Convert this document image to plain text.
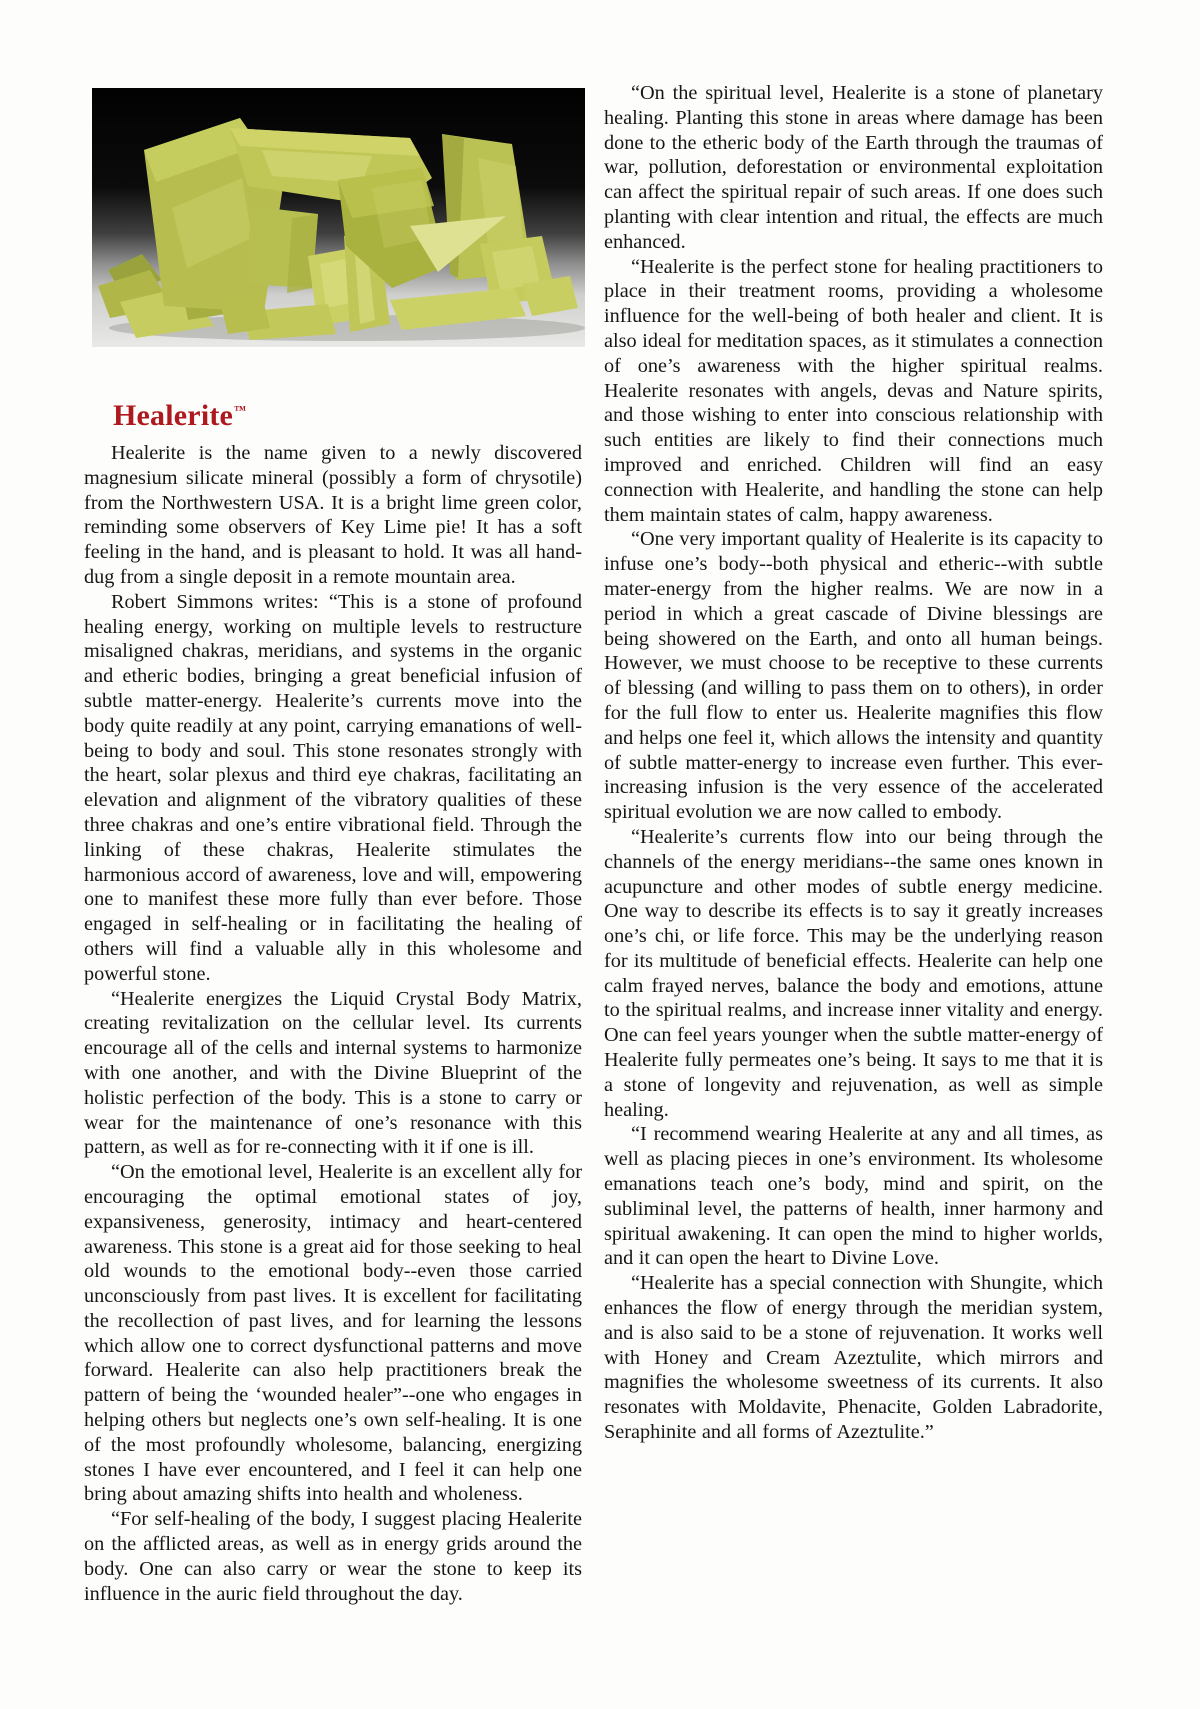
Healerite™

Healerite is the name given to a newly discovered magnesium silicate mineral (possibly a form of chrysotile) from the Northwestern USA. It is a bright lime green color, reminding some observers of Key Lime pie! It has a soft feeling in the hand, and is pleasant to hold. It was all hand-dug from a single deposit in a remote mountain area.

Robert Simmons writes: “This is a stone of profound healing energy, working on multiple levels to restructure misaligned chakras, meridians, and systems in the organic and etheric bodies, bringing a great beneficial infusion of subtle matter-energy. Healerite’s currents move into the body quite readily at any point, carrying emanations of well-being to body and soul. This stone resonates strongly with the heart, solar plexus and third eye chakras, facilitating an elevation and alignment of the vibratory qualities of these three chakras and one’s entire vibrational field. Through the linking of these chakras, Healerite stimulates the harmonious accord of awareness, love and will, empowering one to manifest these more fully than ever before. Those engaged in self-healing or in facilitating the healing of others will find a valuable ally in this wholesome and powerful stone.

“Healerite energizes the Liquid Crystal Body Matrix, creating revitalization on the cellular level. Its currents encourage all of the cells and internal systems to harmonize with one another, and with the Divine Blueprint of the holistic perfection of the body. This is a stone to carry or wear for the maintenance of one’s resonance with this pattern, as well as for re-connecting with it if one is ill.

“On the emotional level, Healerite is an excellent ally for encouraging the optimal emotional states of joy, expansiveness, generosity, intimacy and heart-centered awareness. This stone is a great aid for those seeking to heal old wounds to the emotional body--even those carried unconsciously from past lives. It is excellent for facilitating the recollection of past lives, and for learning the lessons which allow one to correct dysfunctional patterns and move forward. Healerite can also help practitioners break the pattern of being the ‘wounded healer”--one who engages in helping others but neglects one’s own self-healing. It is one of the most profoundly wholesome, balancing, energizing stones I have ever encountered, and I feel it can help one bring about amazing shifts into health and wholeness.

“For self-healing of the body, I suggest placing Healerite on the afflicted areas, as well as in energy grids around the body. One can also carry or wear the stone to keep its influence in the auric field throughout the day.

“On the spiritual level, Healerite is a stone of planetary healing. Planting this stone in areas where damage has been done to the etheric body of the Earth through the traumas of war, pollution, deforestation or environmental exploitation can affect the spiritual repair of such areas. If one does such planting with clear intention and ritual, the effects are much enhanced.

“Healerite is the perfect stone for healing practitioners to place in their treatment rooms, providing a wholesome influence for the well-being of both healer and client. It is also ideal for meditation spaces, as it stimulates a connection of one’s awareness with the higher spiritual realms. Healerite resonates with angels, devas and Nature spirits, and those wishing to enter into conscious relationship with such entities are likely to find their connections much improved and enriched. Children will find an easy connection with Healerite, and handling the stone can help them maintain states of calm, happy awareness.

“One very important quality of Healerite is its capacity to infuse one’s body--both physical and etheric--with subtle mater-energy from the higher realms. We are now in a period in which a great cascade of Divine blessings are being showered on the Earth, and onto all human beings. However, we must choose to be receptive to these currents of blessing (and willing to pass them on to others), in order for the full flow to enter us. Healerite magnifies this flow and helps one feel it, which allows the intensity and quantity of subtle matter-energy to increase even further. This ever-increasing infusion is the very essence of the accelerated spiritual evolution we are now called to embody.

“Healerite’s currents flow into our being through the channels of the energy meridians--the same ones known in acupuncture and other modes of subtle energy medicine. One way to describe its effects is to say it greatly increases one’s chi, or life force. This may be the underlying reason for its multitude of beneficial effects. Healerite can help one calm frayed nerves, balance the body and emotions, attune to the spiritual realms, and increase inner vitality and energy. One can feel years younger when the subtle matter-energy of Healerite fully permeates one’s being. It says to me that it is a stone of longevity and rejuvenation, as well as simple healing.

“I recommend wearing Healerite at any and all times, as well as placing pieces in one’s environment. Its wholesome emanations teach one’s body, mind and spirit, on the subliminal level, the patterns of health, inner harmony and spiritual awakening. It can open the mind to higher worlds, and it can open the heart to Divine Love.

“Healerite has a special connection with Shungite, which enhances the flow of energy through the meridian system, and is also said to be a stone of rejuvenation. It works well with Honey and Cream Azeztulite, which mirrors and magnifies the wholesome sweetness of its currents. It also resonates with Moldavite, Phenacite, Golden Labradorite, Seraphinite and all forms of Azeztulite.”
